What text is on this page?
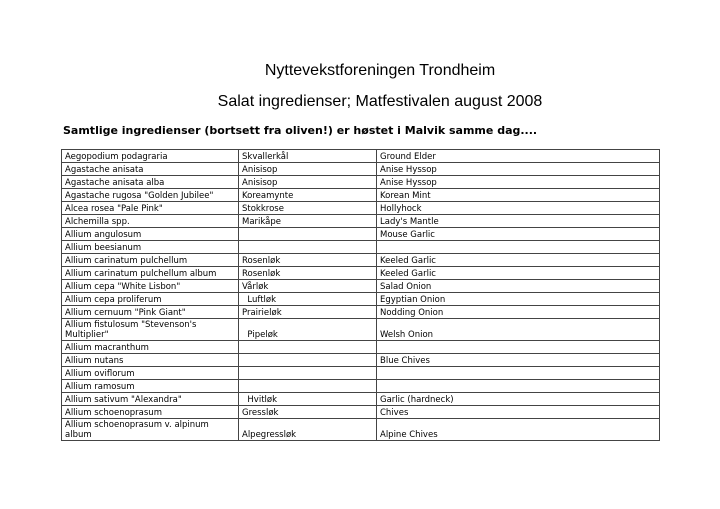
Nyttevekstforeningen Trondheim
Salat ingredienser; Matfestivalen august 2008
Samtlige ingredienser (bortsett fra oliven!) er høstet i Malvik samme dag....
Aegopodium podagraria	Skvallerkål	Ground Elder
Agastache anisata	Anisisop	Anise Hyssop
Agastache anisata alba	Anisisop	Anise Hyssop
Agastache rugosa "Golden Jubilee"	Koreamynte	Korean Mint
Alcea rosea "Pale Pink"	Stokkrose	Hollyhock
Alchemilla spp.	Marikåpe	Lady's Mantle
Allium angulosum		Mouse Garlic
Allium beesianum		
Allium carinatum pulchellum	Rosenløk	Keeled Garlic
Allium carinatum pulchellum album	Rosenløk	Keeled Garlic
Allium cepa "White Lisbon"	Vårløk	Salad Onion
Allium cepa proliferum	Luftløk	Egyptian Onion
Allium cernuum "Pink Giant"	Prairieløk	Nodding Onion
Allium fistulosum "Stevenson's Multiplier"	Pipeløk	Welsh Onion
Allium macranthum		
Allium nutans		Blue Chives
Allium oviflorum		
Allium ramosum		
Allium sativum "Alexandra"	Hvitløk	Garlic (hardneck)
Allium schoenoprasum	Gressløk	Chives
Allium schoenoprasum v. alpinum album	Alpegressløk	Alpine Chives
